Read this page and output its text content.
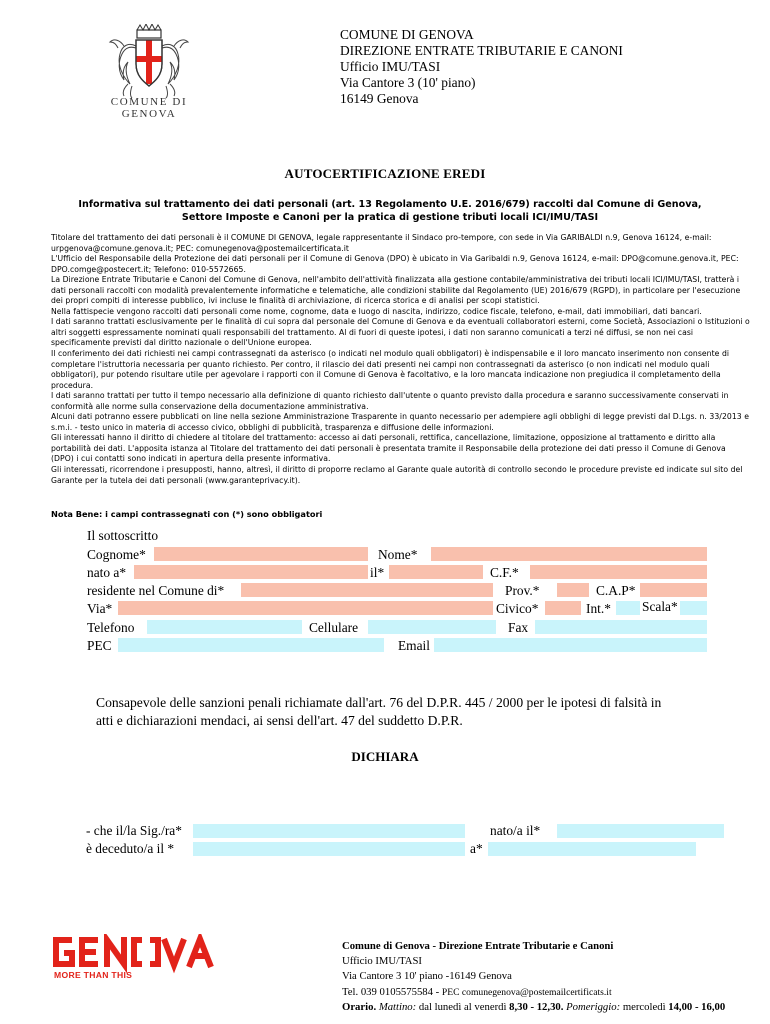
COMUNE DI GENOVA
COMUNE DI GENOVA
DIREZIONE ENTRATE TRIBUTARIE E CANONI
Ufficio IMU/TASI
Via Cantore 3 (10' piano)
16149 Genova
AUTOCERTIFICAZIONE EREDI
Informativa sul trattamento dei dati personali (art. 13 Regolamento U.E. 2016/679) raccolti dal Comune di Genova,
Settore Imposte e Canoni per la pratica di gestione tributi locali ICI/IMU/TASI

Titolare del trattamento dei dati personali è il COMUNE DI GENOVA, legale rappresentante il Sindaco pro-tempore, con sede in Via GARIBALDI n.9, Genova 16124, e-mail: urpgenova@comune.genova.it; PEC: comunegenova@postemailcertificata.it

L'Ufficio del Responsabile della Protezione dei dati personali per il Comune di Genova (DPO) è ubicato in Via Garibaldi n.9, Genova 16124, e-mail: DPO@comune.genova.it, PEC: DPO.comge@postecert.it; Telefono: 010-5572665.

La Direzione Entrate Tributarie e Canoni del Comune di Genova, nell'ambito dell'attività finalizzata alla gestione contabile/amministrativa dei tributi locali ICI/IMU/TASI, tratterà i dati personali raccolti con modalità prevalentemente informatiche e telematiche, alle condizioni stabilite dal Regolamento (UE) 2016/679 (RGPD), in particolare per l'esecuzione dei propri compiti di interesse pubblico, ivi incluse le finalità di archiviazione, di ricerca storica e di analisi per scopi statistici.

Nella fattispecie vengono raccolti dati personali come nome, cognome, data e luogo di nascita, indirizzo, codice fiscale, telefono, e-mail, dati immobiliari, dati bancari.

I dati saranno trattati esclusivamente per le finalità di cui sopra dal personale del Comune di Genova e da eventuali collaboratori esterni, come Società, Associazioni o Istituzioni o altri soggetti espressamente nominati quali responsabili del trattamento. Al di fuori di queste ipotesi, i dati non saranno comunicati a terzi né diffusi, se non nei casi specificamente previsti dal diritto nazionale o dell'Unione europea.

Il conferimento dei dati richiesti nei campi contrassegnati da asterisco (o indicati nel modulo quali obbligatori) è indispensabile e il loro mancato inserimento non consente di completare l'istruttoria necessaria per quanto richiesto. Per contro, il rilascio dei dati presenti nei campi non contrassegnati da asterisco (o non indicati nel modulo quali obbligatori), pur potendo risultare utile per agevolare i rapporti con il Comune di Genova è facoltativo, e la loro mancata indicazione non pregiudica il completamento della procedura.

I dati saranno trattati per tutto il tempo necessario alla definizione di quanto richiesto dall'utente o quanto previsto dalla procedura e saranno successivamente conservati in conformità alle norme sulla conservazione della documentazione amministrativa.

Alcuni dati potranno essere pubblicati on line nella sezione Amministrazione Trasparente in quanto necessario per adempiere agli obblighi di legge previsti dal D.Lgs. n. 33/2013 e s.m.i. - testo unico in materia di accesso civico, obblighi di pubblicità, trasparenza e diffusione delle informazioni.

Gli interessati hanno il diritto di chiedere al titolare del trattamento: accesso ai dati personali, rettifica, cancellazione, limitazione, opposizione al trattamento e diritto alla portabilità dei dati. L'apposita istanza al Titolare del trattamento dei dati personali è presentata tramite il Responsabile della protezione dei dati presso il Comune di Genova (DPO) i cui contatti sono indicati in apertura della presente informativa.

Gli interessati, ricorrendone i presupposti, hanno, altresì, il diritto di proporre reclamo al Garante quale autorità di controllo secondo le procedure previste ed indicate sul sito del Garante per la tutela dei dati personali (www.garanteprivacy.it).

Nota Bene: i campi contrassegnati con (*) sono obbligatori
Il sottoscritto
Cognome*	Nome*
nato a*	il*	C.F.*
residente nel Comune di*	Prov.*	C.A.P*
Via*	Civico*	Int.* Scala*
Telefono	Cellulare	Fax
PEC	Email
Consapevole delle sanzioni penali richiamate dall'art. 76 del D.P.R. 445 / 2000 per le ipotesi di falsità in
atti e dichiarazioni mendaci, ai sensi dell'art. 47 del suddetto D.P.R.
DICHIARA
- che il/la Sig./ra*	nato/a il*
è deceduto/a il *	a*
MORE THAN THIS
Comune di Genova - Direzione Entrate Tributarie e Canoni
Ufficio IMU/TASI
Via Cantore 3 10' piano -16149 Genova
Tel. 039 0105575584 - PEC comunegenova@postemailcertificats.it
Orario. Mattino: dal lunedì al venerdì 8,30 - 12,30. Pomeriggio: mercoledì 14,00 - 16,00
